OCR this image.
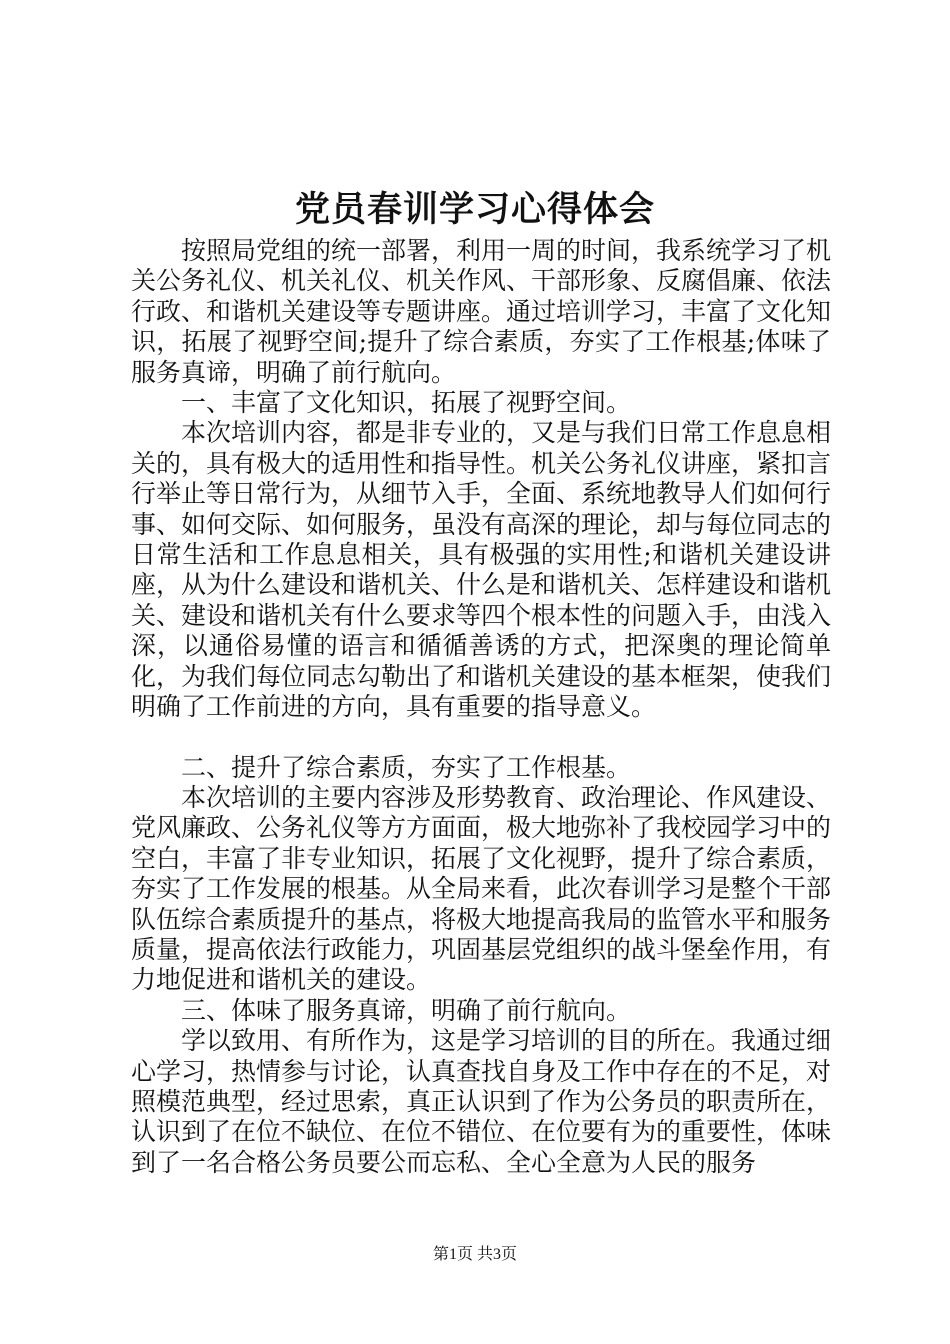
党员春训学习心得体会

按照局党组的统一部署，利用一周的时间，我系统学习了机关公务礼仪、机关礼仪、机关作风、干部形象、反腐倡廉、依法行政、和谐机关建设等专题讲座。通过培训学习，丰富了文化知识，拓展了视野空间;提升了综合素质，夯实了工作根基;体味了服务真谛，明确了前行航向。

一、丰富了文化知识，拓展了视野空间。

本次培训内容，都是非专业的，又是与我们日常工作息息相关的，具有极大的适用性和指导性。机关公务礼仪讲座，紧扣言行举止等日常行为，从细节入手，全面、系统地教导人们如何行事、如何交际、如何服务，虽没有高深的理论，却与每位同志的日常生活和工作息息相关，具有极强的实用性;和谐机关建设讲座，从为什么建设和谐机关、什么是和谐机关、怎样建设和谐机关、建设和谐机关有什么要求等四个根本性的问题入手，由浅入深，以通俗易懂的语言和循循善诱的方式，把深奥的理论简单化，为我们每位同志勾勒出了和谐机关建设的基本框架，使我们明确了工作前进的方向，具有重要的指导意义。

二、提升了综合素质，夯实了工作根基。

本次培训的主要内容涉及形势教育、政治理论、作风建设、党风廉政、公务礼仪等方方面面，极大地弥补了我校园学习中的空白，丰富了非专业知识，拓展了文化视野，提升了综合素质，夯实了工作发展的根基。从全局来看，此次春训学习是整个干部队伍综合素质提升的基点，将极大地提高我局的监管水平和服务质量，提高依法行政能力，巩固基层党组织的战斗堡垒作用，有力地促进和谐机关的建设。

三、体味了服务真谛，明确了前行航向。

学以致用、有所作为，这是学习培训的目的所在。我通过细心学习，热情参与讨论，认真查找自身及工作中存在的不足，对照模范典型，经过思索，真正认识到了作为公务员的职责所在，认识到了在位不缺位、在位不错位、在位要有为的重要性，体味到了一名合格公务员要公而忘私、全心全意为人民的服务

第1页 共3页
